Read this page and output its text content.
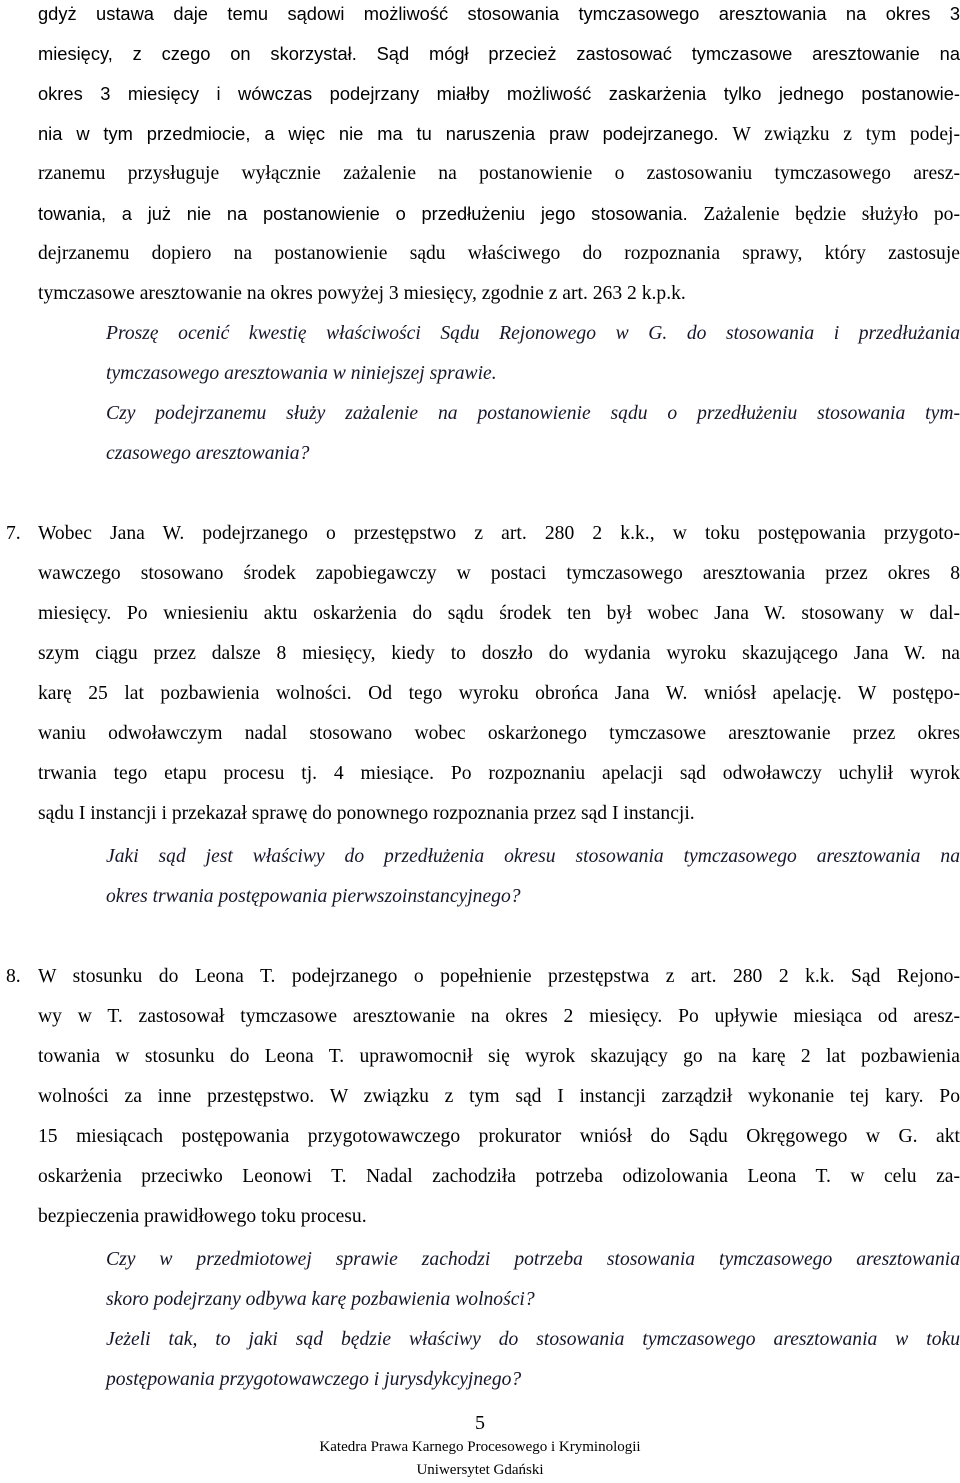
gdyż ustawa daje temu sądowi możliwość stosowania tymczasowego aresztowania na okres 3
miesięcy, z czego on skorzystał. Sąd mógł przecież zastosować tymczasowe aresztowanie na
okres 3 miesięcy i wówczas podejrzany miałby możliwość zaskarżenia tylko jednego postanowie-
nia w tym przedmiocie, a więc nie ma tu naruszenia praw podejrzanego. W związku z tym podej-
rzanemu przysługuje wyłącznie zażalenie na postanowienie o zastosowaniu tymczasowego aresz-
towania, a już nie na postanowienie o przedłużeniu jego stosowania. Zażalenie będzie służyło po-
dejrzanemu dopiero na postanowienie sądu właściwego do rozpoznania sprawy, który zastosuje
tymczasowe aresztowanie na okres powyżej 3 miesięcy, zgodnie z art. 263 2 k.p.k.
Proszę ocenić kwestię właściwości Sądu Rejonowego w G. do stosowania i przedłużania
tymczasowego aresztowania w niniejszej sprawie.
Czy podejrzanemu służy zażalenie na postanowienie sądu o przedłużeniu stosowania tym-
czasowego aresztowania?
7. Wobec Jana W. podejrzanego o przestępstwo z art. 280 2 k.k., w toku postępowania przygoto-
wawczego stosowano środek zapobiegawczy w postaci tymczasowego aresztowania przez okres 8
miesięcy. Po wniesieniu aktu oskarżenia do sądu środek ten był wobec Jana W. stosowany w dal-
szym ciągu przez dalsze 8 miesięcy, kiedy to doszło do wydania wyroku skazującego Jana W. na
karę 25 lat pozbawienia wolności. Od tego wyroku obrońca Jana W. wniósł apelację. W postępo-
waniu odwoławczym nadal stosowano wobec oskarżonego tymczasowe aresztowanie przez okres
trwania tego etapu procesu tj. 4 miesiące. Po rozpoznaniu apelacji sąd odwoławczy uchylił wyrok
sądu I instancji i przekazał sprawę do ponownego rozpoznania przez sąd I instancji.
Jaki sąd jest właściwy do przedłużenia okresu stosowania tymczasowego aresztowania na
okres trwania postępowania pierwszoinstancyjnego?
8. W stosunku do Leona T. podejrzanego o popełnienie przestępstwa z art. 280 2 k.k. Sąd Rejono-
wy w T. zastosował tymczasowe aresztowanie na okres 2 miesięcy. Po upływie miesiąca od aresz-
towania w stosunku do Leona T. uprawomocnił się wyrok skazujący go na karę 2 lat pozbawienia
wolności za inne przestępstwo. W związku z tym sąd I instancji zarządził wykonanie tej kary. Po
15 miesiącach postępowania przygotowawczego prokurator wniósł do Sądu Okręgowego w G. akt
oskarżenia przeciwko Leonowi T. Nadal zachodziła potrzeba odizolowania Leona T. w celu za-
bezpieczenia prawidłowego toku procesu.
Czy w przedmiotowej sprawie zachodzi potrzeba stosowania tymczasowego aresztowania
skoro podejrzany odbywa karę pozbawienia wolności?
Jeżeli tak, to jaki sąd będzie właściwy do stosowania tymczasowego aresztowania w toku
postępowania przygotowawczego i jurysdykcyjnego?
5
Katedra Prawa Karnego Procesowego i Kryminologii
Uniwersytet Gdański
